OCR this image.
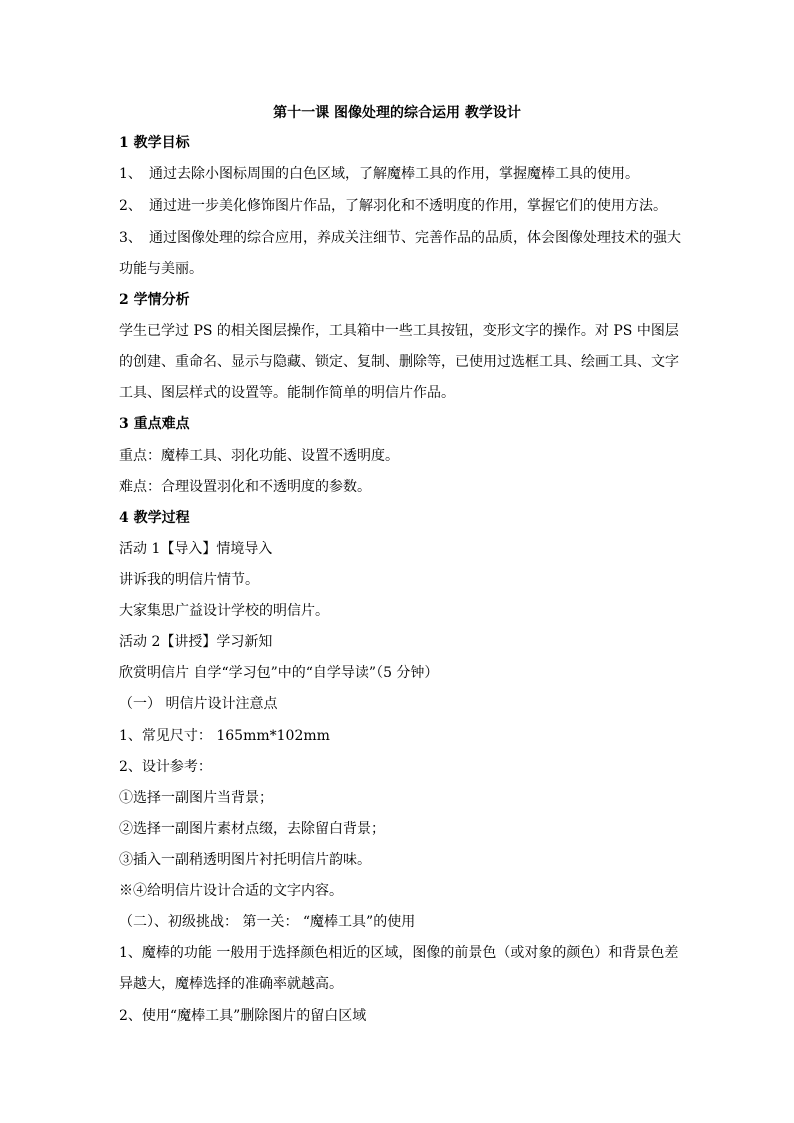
第十一课 图像处理的综合运用 教学设计
1 教学目标
1、 通过去除小图标周围的白色区域，了解魔棒工具的作用，掌握魔棒工具的使用。
2、 通过进一步美化修饰图片作品，了解羽化和不透明度的作用，掌握它们的使用方法。
3、 通过图像处理的综合应用，养成关注细节、完善作品的品质，体会图像处理技术的强大
功能与美丽。
2 学情分析
学生已学过 PS 的相关图层操作，工具箱中一些工具按钮，变形文字的操作。对 PS 中图层
的创建、重命名、显示与隐藏、锁定、复制、删除等，已使用过选框工具、绘画工具、文字
工具、图层样式的设置等。能制作简单的明信片作品。
3 重点难点
重点：魔棒工具、羽化功能、设置不透明度。
难点：合理设置羽化和不透明度的参数。
4 教学过程
活动 1【导入】情境导入
讲诉我的明信片情节。
大家集思广益设计学校的明信片。
活动 2【讲授】学习新知
欣赏明信片 自学“学习包”中的“自学导读”（5 分钟）
（一） 明信片设计注意点
1、常见尺寸： 165mm*102mm
2、设计参考：
①选择一副图片当背景；
②选择一副图片素材点缀，去除留白背景；
③插入一副稍透明图片衬托明信片韵味。
※④给明信片设计合适的文字内容。
（二）、初级挑战： 第一关： “魔棒工具”的使用
1、魔棒的功能 一般用于选择颜色相近的区域，图像的前景色（或对象的颜色）和背景色差
异越大，魔棒选择的准确率就越高。
2、使用“魔棒工具”删除图片的留白区域
